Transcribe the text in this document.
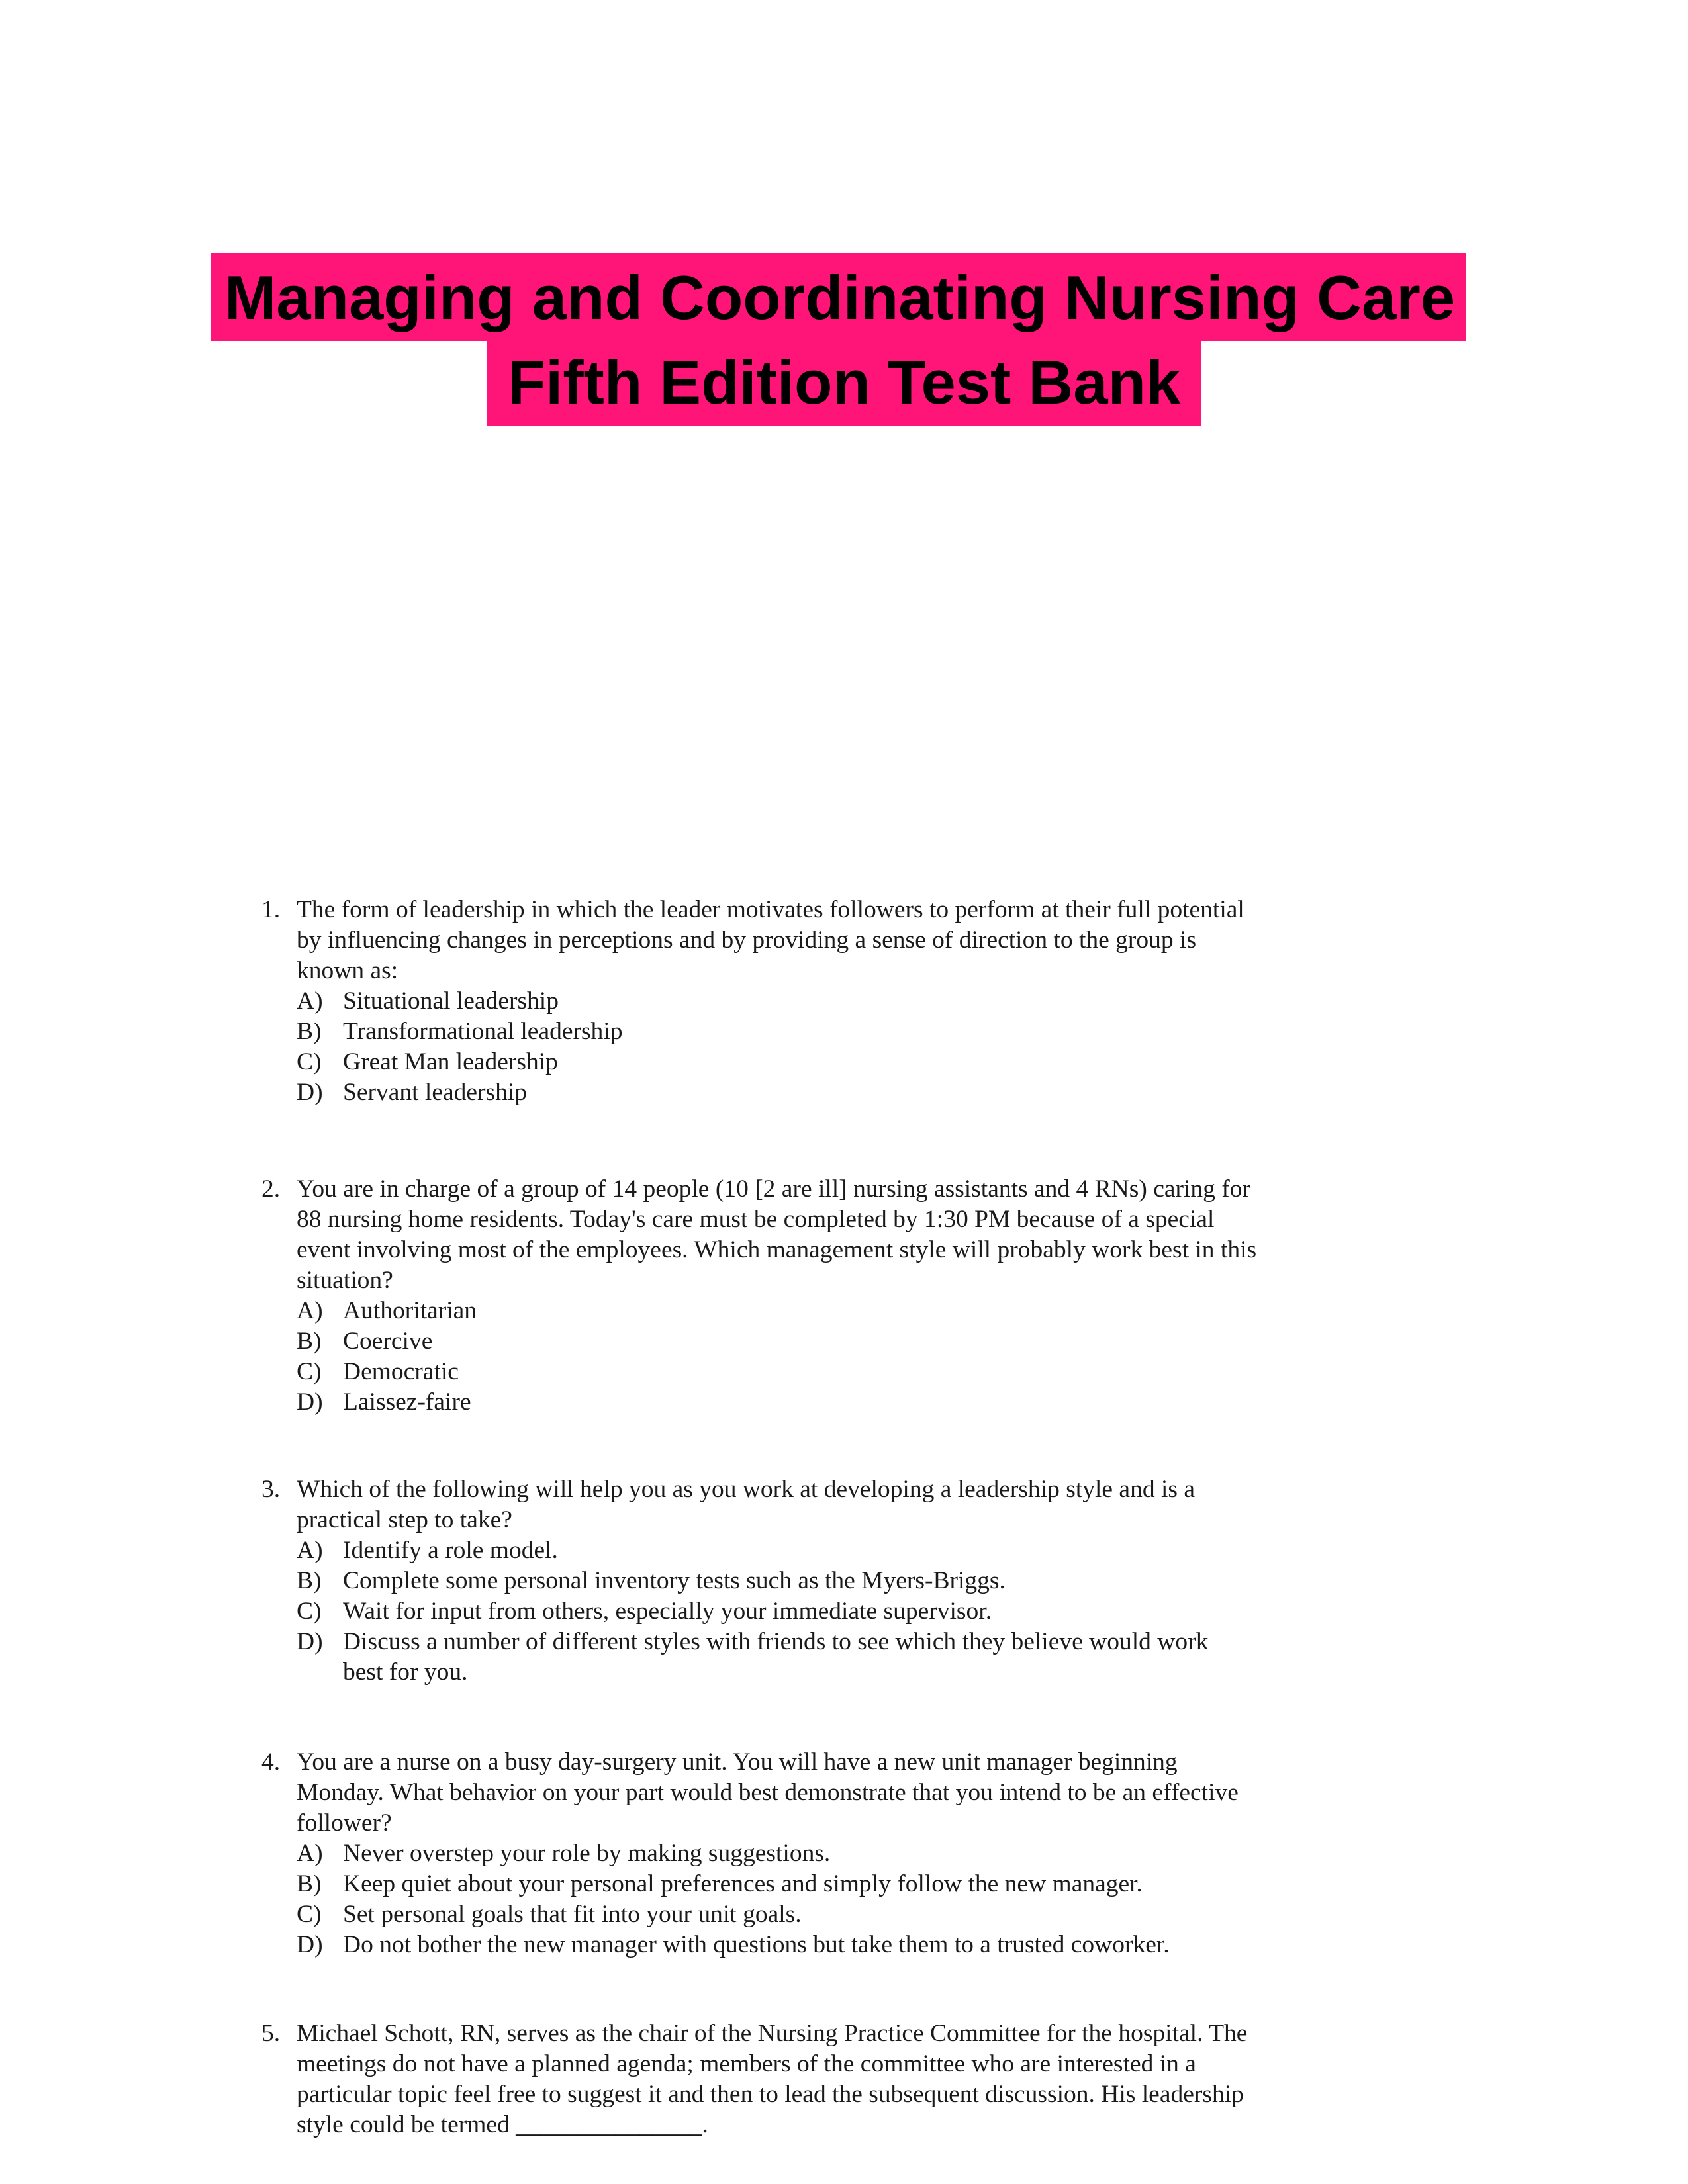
Managing and Coordinating Nursing Care
Fifth Edition Test Bank
1. The form of leadership in which the leader motivates followers to perform at their full potential by influencing changes in perceptions and by providing a sense of direction to the group is known as:
A) Situational leadership
B) Transformational leadership
C) Great Man leadership
D) Servant leadership
2. You are in charge of a group of 14 people (10 [2 are ill] nursing assistants and 4 RNs) caring for 88 nursing home residents. Today's care must be completed by 1:30 PM because of a special event involving most of the employees. Which management style will probably work best in this situation?
A) Authoritarian
B) Coercive
C) Democratic
D) Laissez-faire
3. Which of the following will help you as you work at developing a leadership style and is a practical step to take?
A) Identify a role model.
B) Complete some personal inventory tests such as the Myers-Briggs.
C) Wait for input from others, especially your immediate supervisor.
D) Discuss a number of different styles with friends to see which they believe would work best for you.
4. You are a nurse on a busy day-surgery unit. You will have a new unit manager beginning Monday. What behavior on your part would best demonstrate that you intend to be an effective follower?
A) Never overstep your role by making suggestions.
B) Keep quiet about your personal preferences and simply follow the new manager.
C) Set personal goals that fit into your unit goals.
D) Do not bother the new manager with questions but take them to a trusted coworker.
5. Michael Schott, RN, serves as the chair of the Nursing Practice Committee for the hospital. The meetings do not have a planned agenda; members of the committee who are interested in a particular topic feel free to suggest it and then to lead the subsequent discussion. His leadership style could be termed _______________.
